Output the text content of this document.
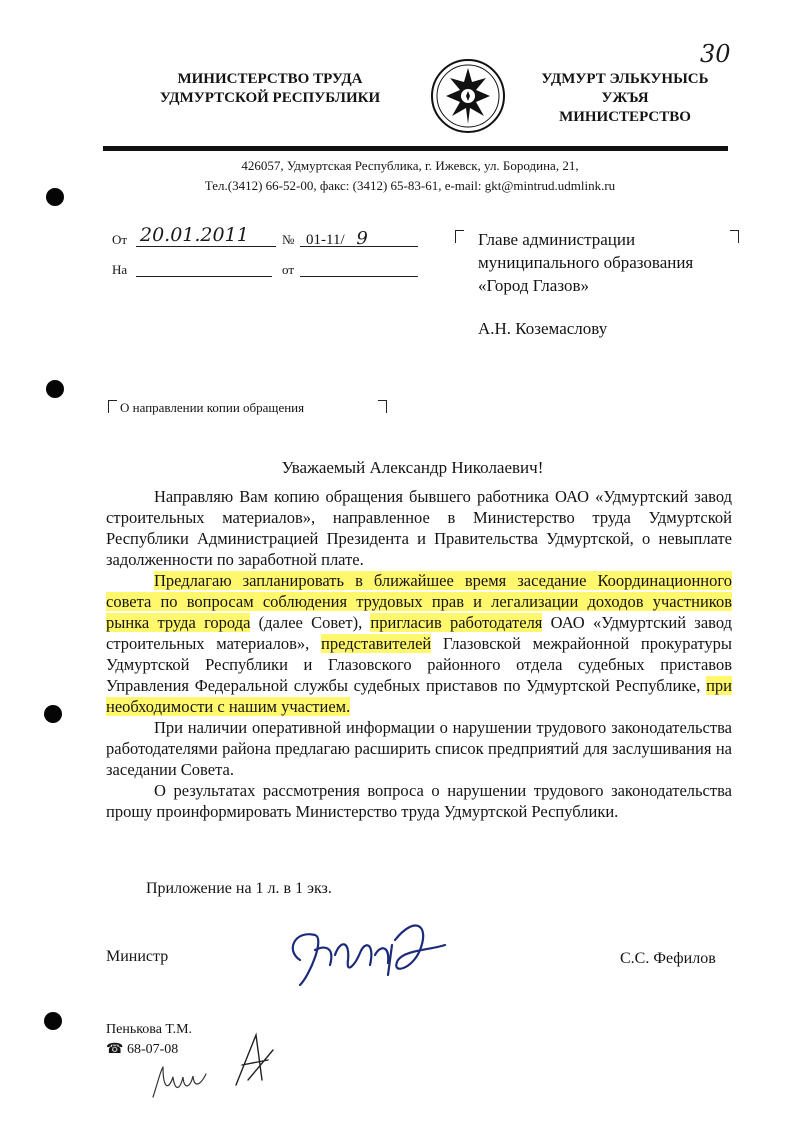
30
МИНИСТЕРСТВО ТРУДА
УДМУРТСКОЙ РЕСПУБЛИКИ
УДМУРТ ЭЛЬКУНЫСЬ
УЖЪЯ
МИНИСТЕРСТВО
426057, Удмуртская Республика, г. Ижевск, ул. Бородина, 21,
Тел.(3412) 66-52-00, факс: (3412) 65-83-61, e-mail: gkt@mintrud.udmlink.ru
От 20.01.2011	№ 01-11/ 9
На	от
Главе администрации
муниципального образования
«Город Глазов»
А.Н. Коземаслову
О направлении копии обращения
Уважаемый Александр Николаевич!

Направляю Вам копию обращения бывшего работника ОАО «Удмуртский завод строительных материалов», направленное в Министерство труда Удмуртской Республики Администрацией Президента и Правительства Удмуртской, о невыплате задолженности по заработной плате.

Предлагаю запланировать в ближайшее время заседание Координационного совета по вопросам соблюдения трудовых прав и легализации доходов участников рынка труда города (далее Совет), пригласив работодателя ОАО «Удмуртский завод строительных материалов», представителей Глазовской межрайонной прокуратуры Удмуртской Республики и Глазовского районного отдела судебных приставов Управления Федеральной службы судебных приставов по Удмуртской Республике, при необходимости с нашим участием.

При наличии оперативной информации о нарушении трудового законодательства работодателями района предлагаю расширить список предприятий для заслушивания на заседании Совета.

О результатах рассмотрения вопроса о нарушении трудового законодательства прошу проинформировать Министерство труда Удмуртской Республики.

Приложение на 1 л. в 1 экз.
Министр	С.С. Фефилов
Пенькова Т.М.
☎ 68-07-08
